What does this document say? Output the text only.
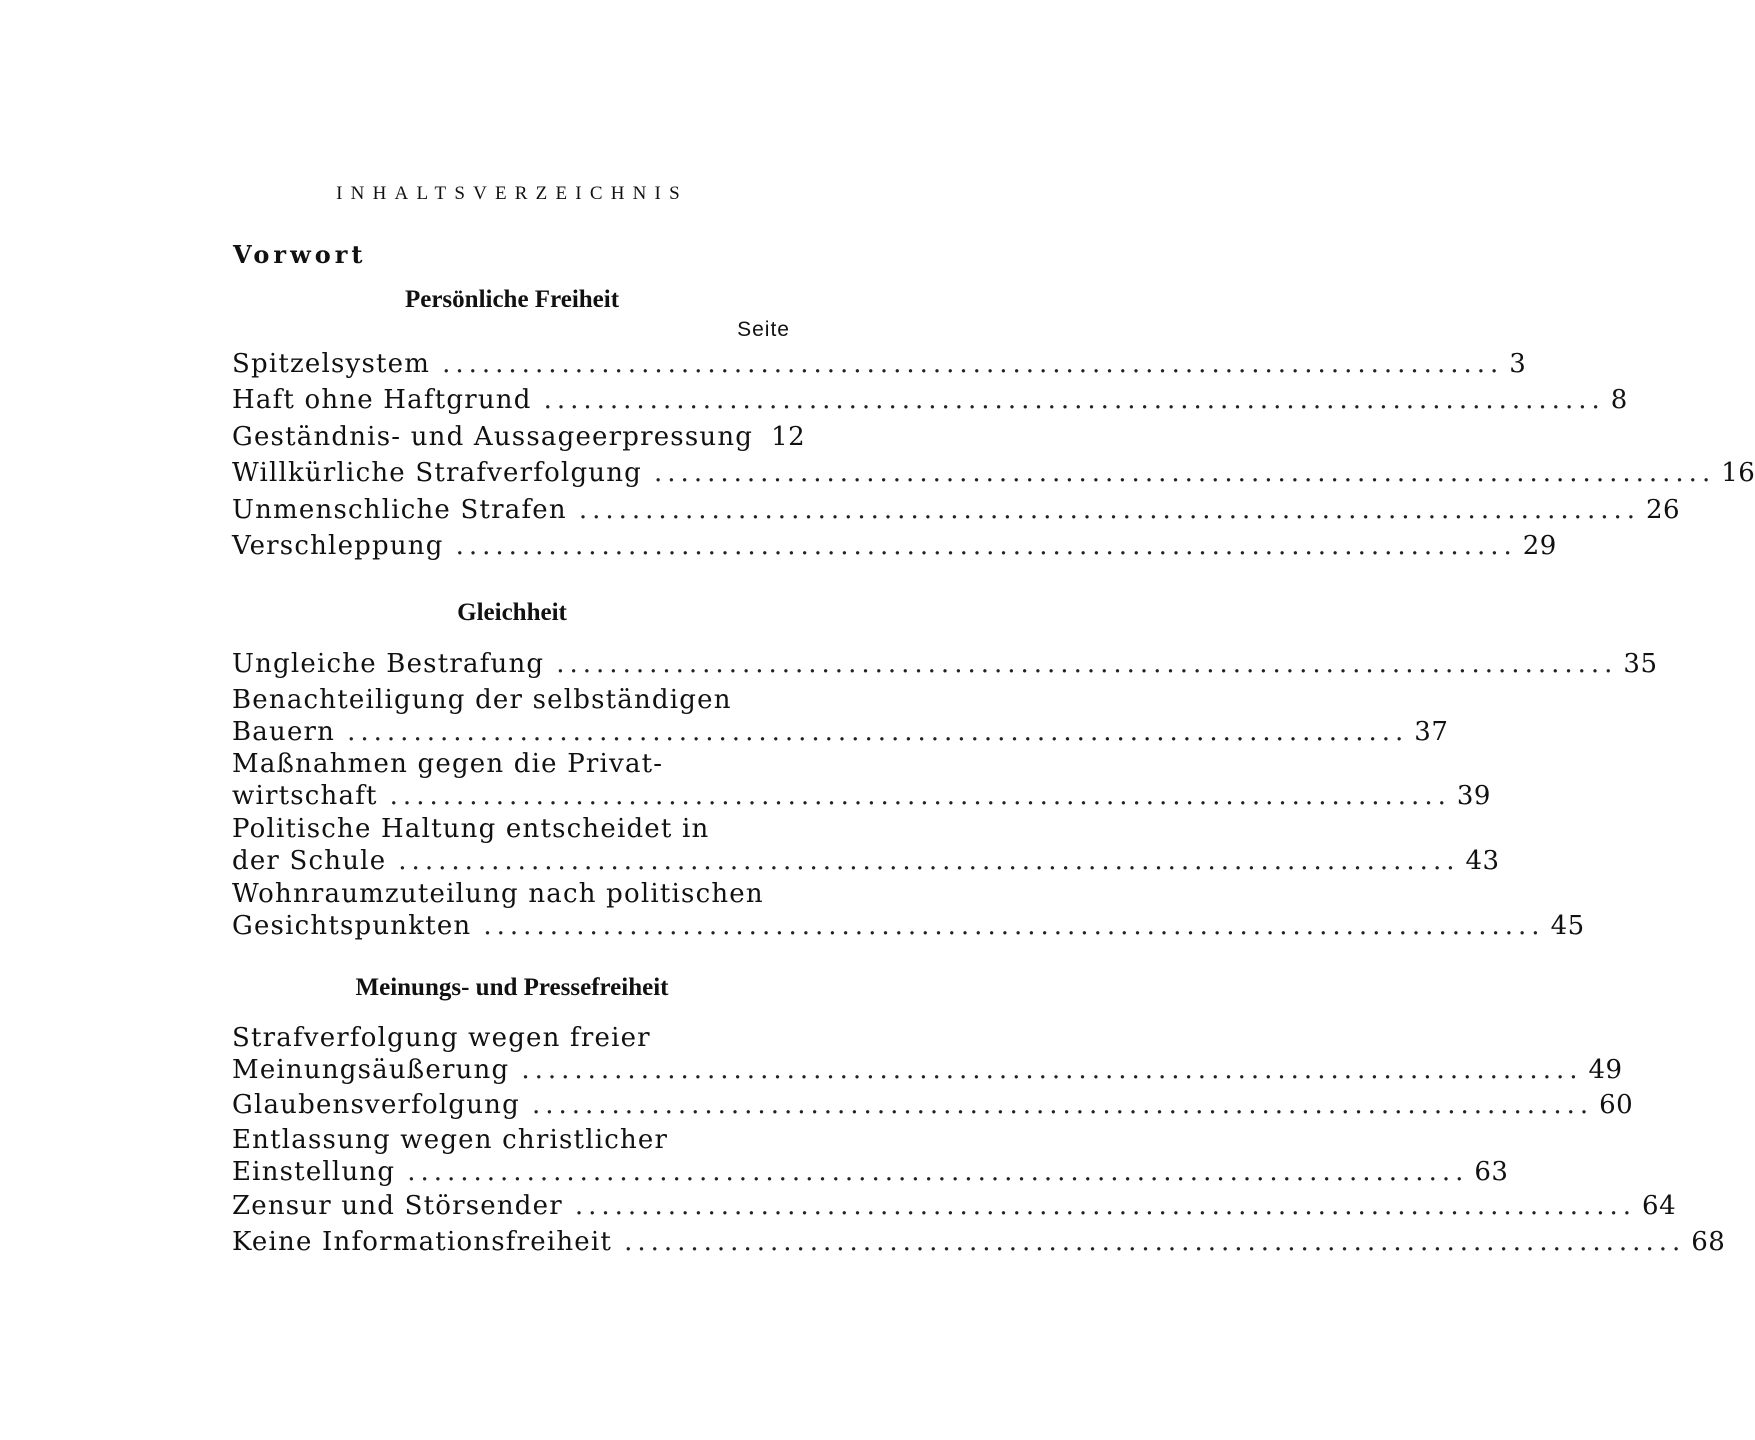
INHALTSVERZEICHNIS
Vorwort
Persönliche Freiheit
Seite
Gleichheit
Meinungs- und Pressefreiheit
Spitzelsystem ................................................................................ 3
Haft ohne Haftgrund ................................................................................ 8
Geständnis- und Aussageerpressung 12
Willkürliche Strafverfolgung ................................................................................ 16
Unmenschliche Strafen ................................................................................ 26
Verschleppung ................................................................................ 29
Ungleiche Bestrafung ................................................................................ 35
Benachteiligung der selbständigen
Bauern ................................................................................ 37
Maßnahmen gegen die Privat-
wirtschaft ................................................................................ 39
Politische Haltung entscheidet in
der Schule ................................................................................ 43
Wohnraumzuteilung nach politischen
Gesichtspunkten ................................................................................ 45
Strafverfolgung wegen freier
Meinungsäußerung ................................................................................ 49
Glaubensverfolgung ................................................................................ 60
Entlassung wegen christlicher
Einstellung ................................................................................ 63
Zensur und Störsender ................................................................................ 64
Keine Informationsfreiheit ................................................................................ 68
